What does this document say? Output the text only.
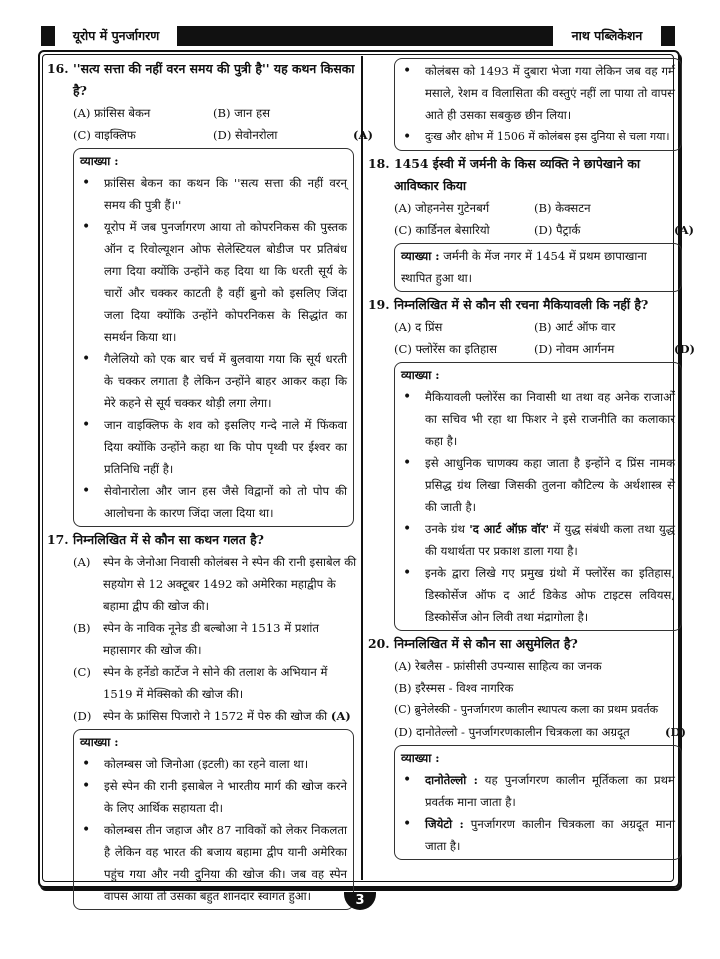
यूरोप में पुनर्जागरण	नाथ पब्लिकेशन
16. ''सत्य सत्ता की नहीं वरन समय की पुत्री है'' यह कथन किसका है?
(A) फ्रांसिस बेकन	(B) जान हस
(C) वाइक्लिफ	(D) सेवोनरोला	(A)
व्याख्या :
• फ्रांसिस बेकन का कथन कि ''सत्य सत्ता की नहीं वरन् समय की पुत्री हैं।''
• यूरोप में जब पुनर्जागरण आया तो कोपरनिकस की पुस्तक ऑन द रिवोल्यूशन ओफ सेलेस्टियल बोडीज पर प्रतिबंध लगा दिया क्योंकि उन्होंने कह दिया था कि धरती सूर्य के चारों और चक्कर काटती है वहीं ब्रुनो को इसलिए जिंदा जला दिया क्योंकि उन्होंने कोपरनिकस के सिद्धांत का समर्थन किया था।
• गैलेलियो को एक बार चर्च में बुलवाया गया कि सूर्य धरती के चक्कर लगाता है लेकिन उन्होंने बाहर आकर कहा कि मेरे कहने से सूर्य चक्कर थोड़ी लगा लेगा।
• जान वाइक्लिफ के शव को इसलिए गन्दे नाले में फिंकवा दिया क्योंकि उन्होंने कहा था कि पोप पृथ्वी पर ईश्वर का प्रतिनिधि नहीं है।
• सेवोनारोला और जान हस जैसे विद्वानों को तो पोप की आलोचना के कारण जिंदा जला दिया था।
17. निम्नलिखित में से कौन सा कथन गलत है?
(A)	स्पेन के जेनोआ निवासी कोलंबस ने स्पेन की रानी इसाबेल की सहयोग से 12 अक्टूबर 1492 को अमेरिका महाद्वीप के बहामा द्वीप की खोज की।
(B)	स्पेन के नाविक नूनेड डी बल्बोआ ने 1513 में प्रशांत महासागर की खोज की।
(C)	स्पेन के हर्नेडो कार्टेज ने सोने की तलाश के अभियान में 1519 में मेक्सिको की खोज की।
(D)	स्पेन के फ्रांसिस पिजारो ने 1572 में पेरु की खोज की (A)
व्याख्या :
• कोलम्बस जो जिनोआ (इटली) का रहने वाला था।
• इसे स्पेन की रानी इसाबेल ने भारतीय मार्ग की खोज करने के लिए आर्थिक सहायता दी।
• कोलम्बस तीन जहाज और 87 नाविकों को लेकर निकलता है लेकिन वह भारत की बजाय बहामा द्वीप यानी अमेरिका पहुंच गया और नयी दुनिया की खोज की। जब वह स्पेन वापस आया तो उसका बहुत शानदार स्वागत हुआ।
• कोलंबस को 1493 में दुबारा भेजा गया लेकिन जब वह गर्म मसाले, रेशम व विलासिता की वस्तुएं नहीं ला पाया तो वापस आते ही उसका सबकुछ छीन लिया।
• दुःख और क्षोभ में 1506 में कोलंबस इस दुनिया से चला गया।
18. 1454 ईस्वी में जर्मनी के किस व्यक्ति ने छापेखाने का आविष्कार किया
(A) जोहननेस गुटेनबर्ग	(B) केक्सटन
(C) कार्डिनल बेसारियो	(D) पैट्रार्क	(A)
व्याख्या : जर्मनी के मेंज नगर में 1454 में प्रथम छापाखाना स्थापित हुआ था।
19. निम्नलिखित में से कौन सी रचना मैकियावली कि नहीं है?
(A) द प्रिंस	(B) आर्ट ऑफ वार
(C) फ्लोरेंस का इतिहास	(D) नोवम आर्गनम	(D)
व्याख्या :
• मैकियावली फ्लोरेंस का निवासी था तथा वह अनेक राजाओं का सचिव भी रहा था फिशर ने इसे राजनीति का कलाकार कहा है।
• इसे आधुनिक चाणक्य कहा जाता है इन्होंने द प्रिंस नामक प्रसिद्ध ग्रंथ लिखा जिसकी तुलना कौटिल्य के अर्थशास्त्र से की जाती है।
• उनके ग्रंथ 'द आर्ट ऑफ़ वॉर' में युद्ध संबंधी कला तथा युद्ध की यथार्थता पर प्रकाश डाला गया है।
• इनके द्वारा लिखे गए प्रमुख ग्रंथो में फ्लोरेंस का इतिहास, डिस्कोर्सेज ऑफ द आर्ट डिकेड ओफ टाइटस लवियस, डिस्कोर्सेज ओन लिवी तथा मंद्रागोला है।
20. निम्नलिखित में से कौन सा असुमेलित है?
(A) रेबलैस - फ्रांसीसी उपन्यास साहित्य का जनक
(B) इरैस्मस - विश्व नागरिक
(C) ब्रुनेलेस्की - पुनर्जागरण कालीन स्थापत्य कला का प्रथम प्रवर्तक
(D) दानोतेल्लो - पुनर्जागरणकालीन चित्रकला का अग्रदूत	(D)
व्याख्या :
• दानोतेल्लो : यह पुनर्जागरण कालीन मूर्तिकला का प्रथम प्रवर्तक माना जाता है।
• जियेटो : पुनर्जागरण कालीन चित्रकला का अग्रदूत माना जाता है।
3
